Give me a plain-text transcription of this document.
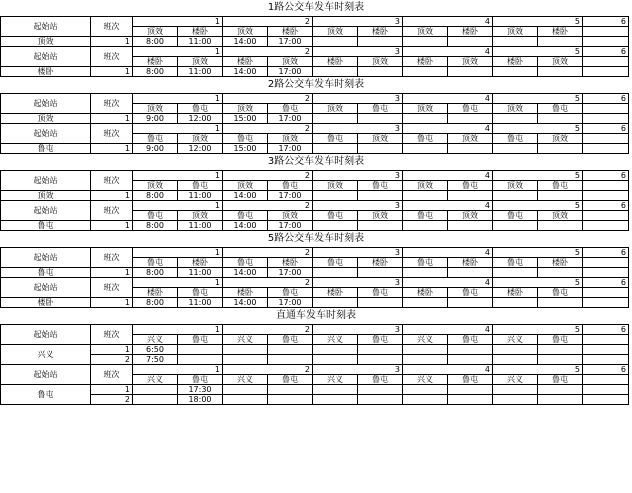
1路公交车发车时刻表
起始站	班次	1		2		3		4		5		6
		顶效	楼卧	顶效	楼卧	顶效	楼卧	顶效	楼卧	顶效	楼卧	
顶效	1	8:00	11:00	14:00	17:00							
起始站	班次	1		2		3		4		5		6
		楼卧	顶效	楼卧	顶效	楼卧	顶效	楼卧	顶效	楼卧	顶效	
楼卧	1	8:00	11:00	14:00	17:00							
2路公交车发车时刻表
起始站	班次	1		2		3		4		5		6
		顶效	鲁屯	顶效	鲁屯	顶效	鲁屯	顶效	鲁屯	顶效	鲁屯	
顶效	1	9:00	12:00	15:00	17:00							
起始站	班次	1		2		3		4		5		6
		鲁屯	顶效	鲁屯	顶效	鲁屯	顶效	鲁屯	顶效	鲁屯	顶效	
鲁屯	1	9:00	12:00	15:00	17:00							
3路公交车发车时刻表
起始站	班次	1		2		3		4		5		6
		顶效	鲁屯	顶效	鲁屯	顶效	鲁屯	顶效	鲁屯	顶效	鲁屯	
顶效	1	8:00	11:00	14:00	17:00							
起始站	班次	1		2		3		4		5		6
		鲁屯	顶效	鲁屯	顶效	鲁屯	顶效	鲁屯	顶效	鲁屯	顶效	
鲁屯	1	8:00	11:00	14:00	17:00							
5路公交车发车时刻表
起始站	班次	1		2		3		4		5		6
		鲁屯	楼卧	鲁屯	楼卧	鲁屯	楼卧	鲁屯	楼卧	鲁屯	楼卧	
鲁屯	1	8:00	11:00	14:00	17:00							
起始站	班次	1		2		3		4		5		6
		楼卧	鲁屯	楼卧	鲁屯	楼卧	鲁屯	楼卧	鲁屯	楼卧	鲁屯	
楼卧	1	8:00	11:00	14:00	17:00							
直通车发车时刻表
起始站	班次	1		2		3		4		5		6
		兴义	鲁屯	兴义	鲁屯	兴义	鲁屯	兴义	鲁屯	兴义	鲁屯	
兴义	1	6:50										
	2	7:50										
起始站	班次	1		2		3		4		5		6
		兴义	鲁屯	兴义	鲁屯	兴义	鲁屯	兴义	鲁屯	兴义	鲁屯	
鲁屯	1		17:30									
	2		18:00									
